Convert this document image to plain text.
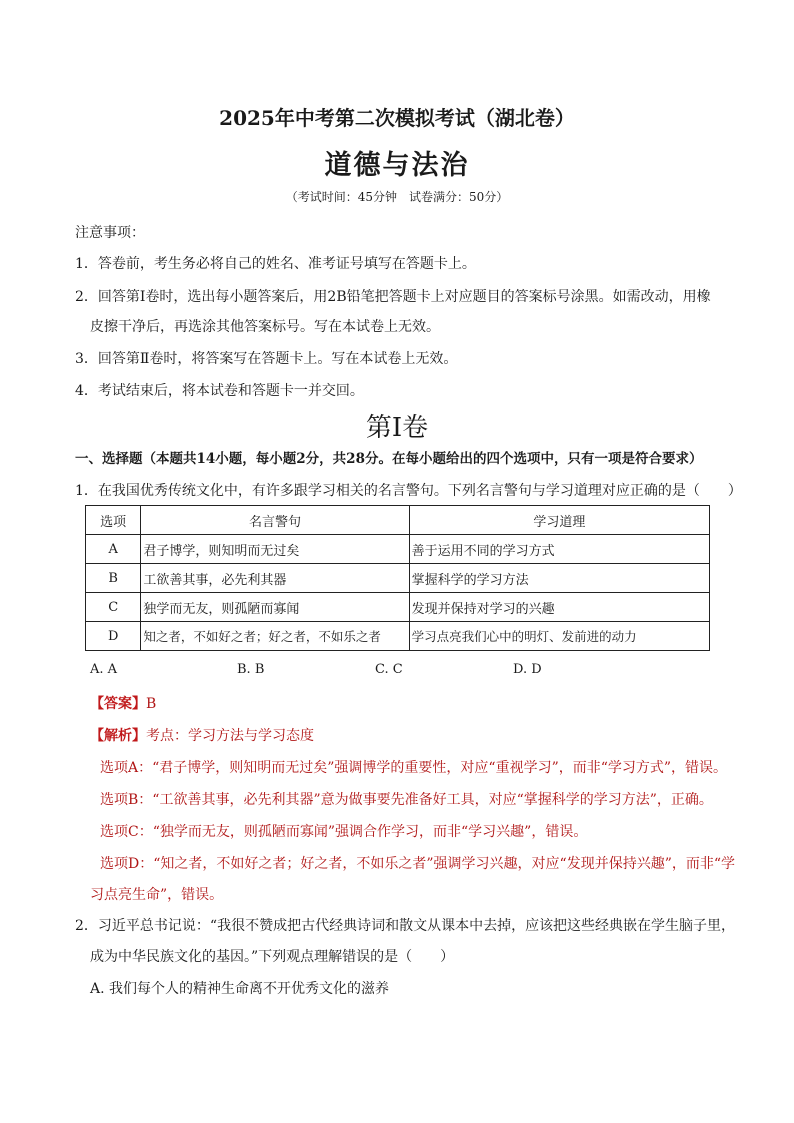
2025年中考第二次模拟考试（湖北卷）
道德与法治
（考试时间：45分钟　试卷满分：50分）
注意事项：
1．答卷前，考生务必将自己的姓名、准考证号填写在答题卡上。
2．回答第Ⅰ卷时，选出每小题答案后，用2B铅笔把答题卡上对应题目的答案标号涂黑。如需改动，用橡
皮擦干净后，再选涂其他答案标号。写在本试卷上无效。
3．回答第Ⅱ卷时，将答案写在答题卡上。写在本试卷上无效。
4．考试结束后，将本试卷和答题卡一并交回。
第Ⅰ卷
一、选择题（本题共14小题，每小题2分，共28分。在每小题给出的四个选项中，只有一项是符合要求）
1．在我国优秀传统文化中，有许多跟学习相关的名言警句。下列名言警句与学习道理对应正确的是（　　）
选项	名言警句	学习道理
A	君子博学，则知明而无过矣	善于运用不同的学习方式
B	工欲善其事，必先利其器	掌握科学的学习方法
C	独学而无友，则孤陋而寡闻	发现并保持对学习的兴趣
D	知之者，不如好之者；好之者，不如乐之者	学习点亮我们心中的明灯、发前进的动力
A. A	B. B	C. C	D. D
【答案】B
【解析】考点：学习方法与学习态度
选项A：“君子博学，则知明而无过矣”强调博学的重要性，对应“重视学习”，而非“学习方式”，错误。
选项B：“工欲善其事，必先利其器”意为做事要先准备好工具，对应“掌握科学的学习方法”，正确。
选项C：“独学而无友，则孤陋而寡闻”强调合作学习，而非“学习兴趣”，错误。
选项D：“知之者，不如好之者；好之者，不如乐之者”强调学习兴趣，对应“发现并保持兴趣”，而非“学
习点亮生命”，错误。
2．习近平总书记说：“我很不赞成把古代经典诗词和散文从课本中去掉，应该把这些经典嵌在学生脑子里，
成为中华民族文化的基因。”下列观点理解错误的是（　　）
A. 我们每个人的精神生命离不开优秀文化的滋养
